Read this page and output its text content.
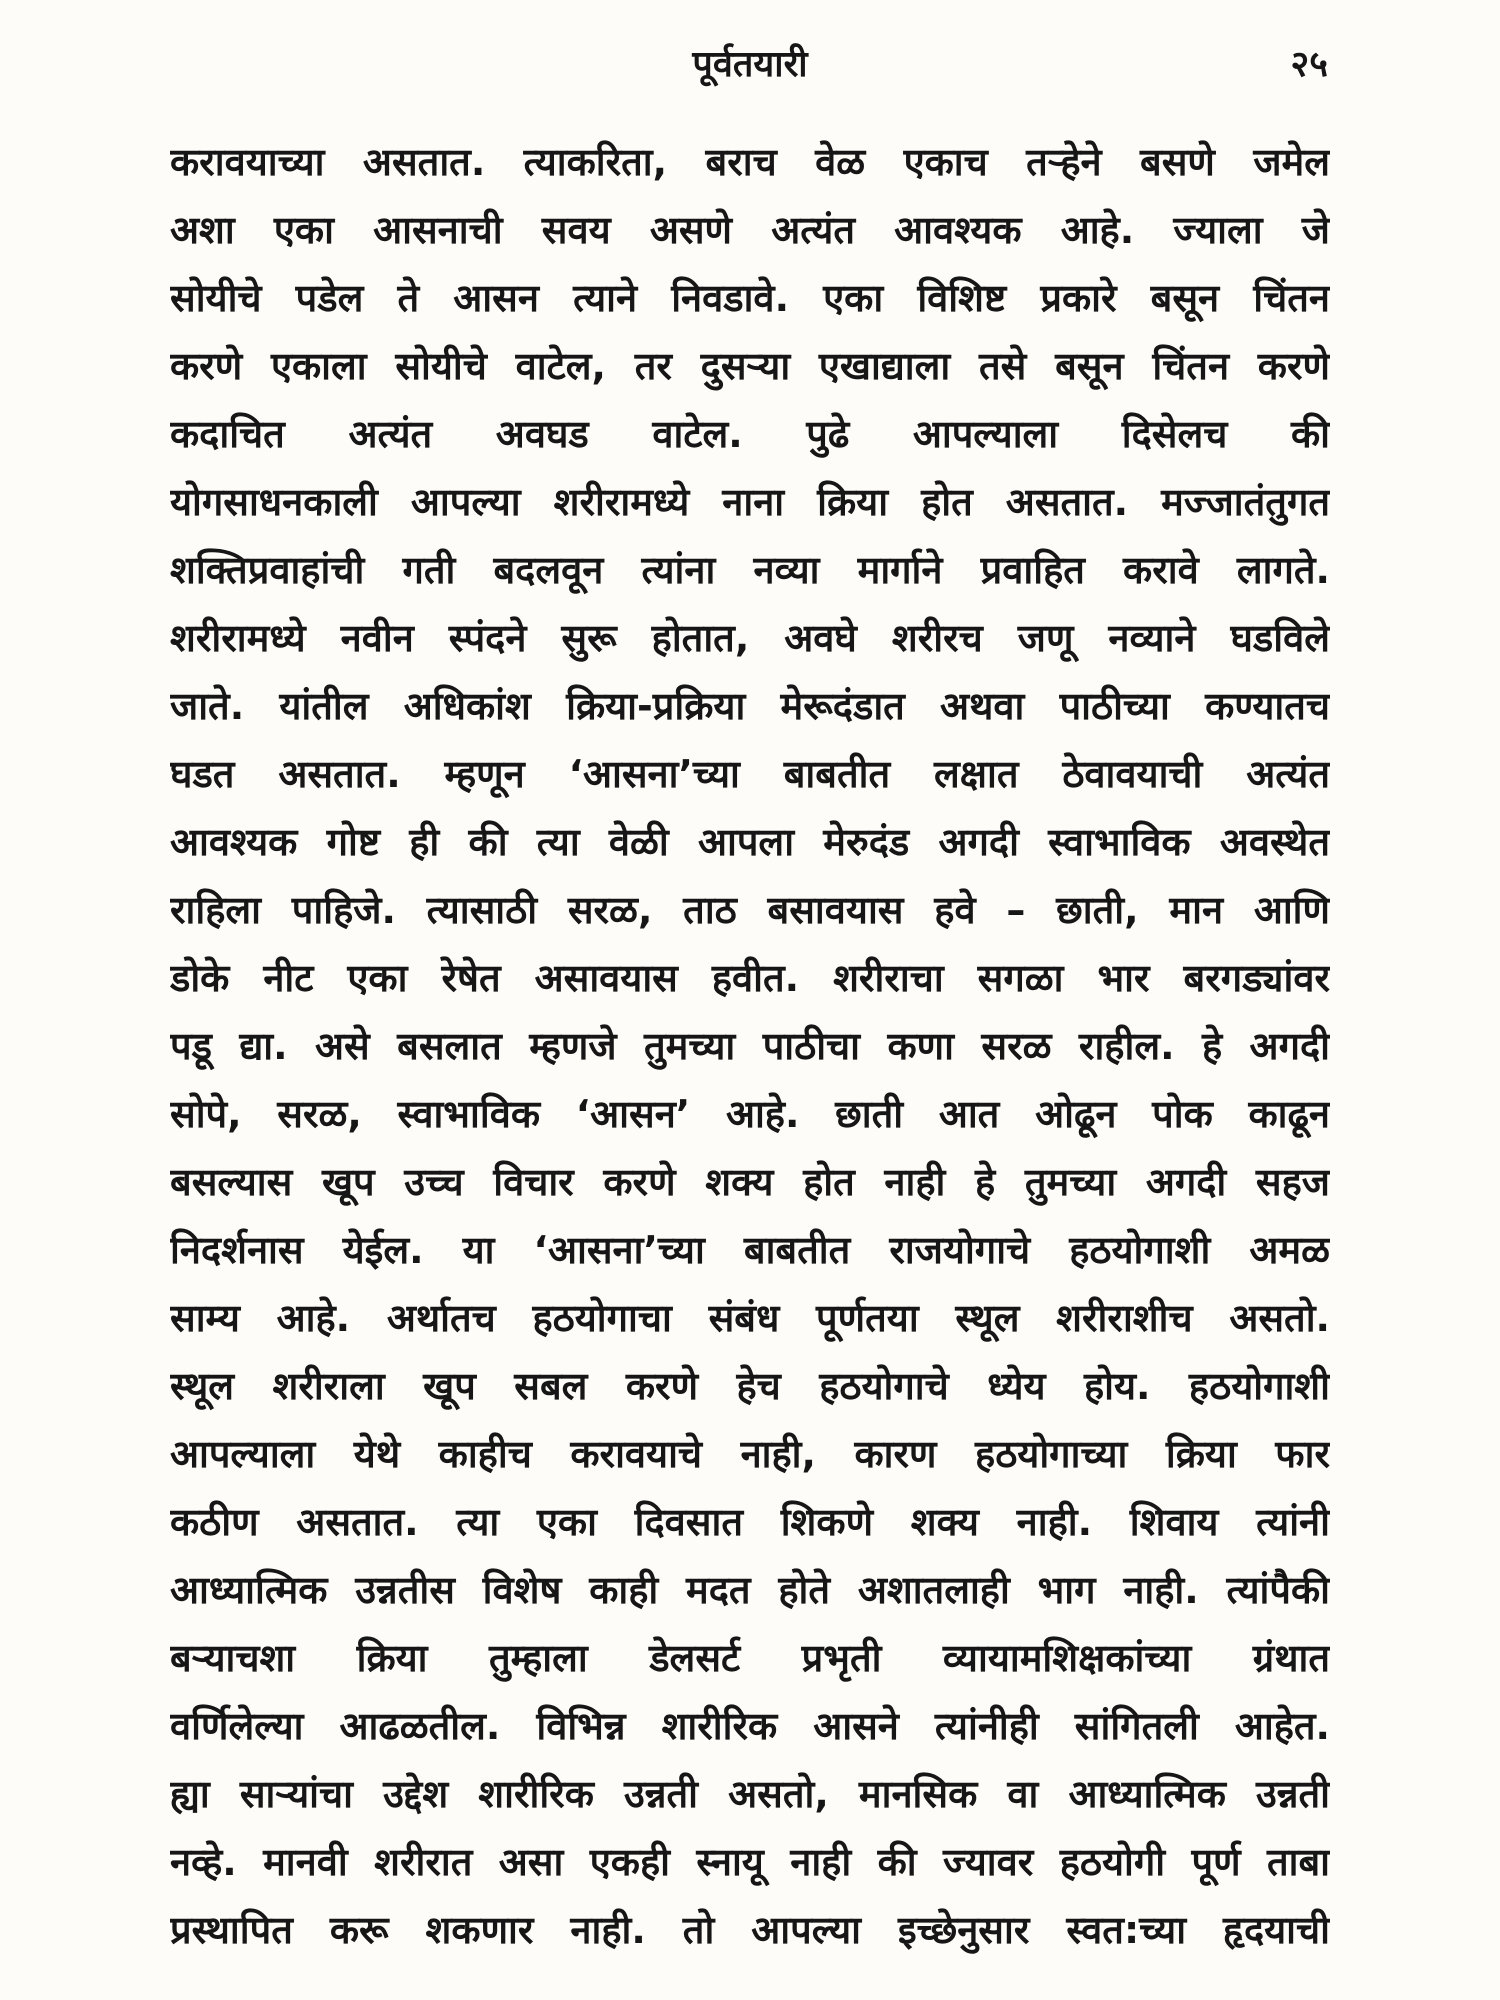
पूर्वतयारी	२५
करावयाच्या असतात. त्याकरिता, बराच वेळ एकाच तऱ्हेने बसणे जमेल
अशा एका आसनाची सवय असणे अत्यंत आवश्यक आहे. ज्याला जे
सोयीचे पडेल ते आसन त्याने निवडावे. एका विशिष्ट प्रकारे बसून चिंतन
करणे एकाला सोयीचे वाटेल, तर दुसऱ्या एखाद्याला तसे बसून चिंतन करणे
कदाचित अत्यंत अवघड वाटेल. पुढे आपल्याला दिसेलच की
योगसाधनकाली आपल्या शरीरामध्ये नाना क्रिया होत असतात. मज्जातंतुगत
शक्तिप्रवाहांची गती बदलवून त्यांना नव्या मार्गाने प्रवाहित करावे लागते.
शरीरामध्ये नवीन स्पंदने सुरू होतात, अवघे शरीरच जणू नव्याने घडविले
जाते. यांतील अधिकांश क्रिया-प्रक्रिया मेरूदंडात अथवा पाठीच्या कण्यातच
घडत असतात. म्हणून ‘आसना’च्या बाबतीत लक्षात ठेवावयाची अत्यंत
आवश्यक गोष्ट ही की त्या वेळी आपला मेरुदंड अगदी स्वाभाविक अवस्थेत
राहिला पाहिजे. त्यासाठी सरळ, ताठ बसावयास हवे – छाती, मान आणि
डोके नीट एका रेषेत असावयास हवीत. शरीराचा सगळा भार बरगड्यांवर
पडू द्या. असे बसलात म्हणजे तुमच्या पाठीचा कणा सरळ राहील. हे अगदी
सोपे, सरळ, स्वाभाविक ‘आसन’ आहे. छाती आत ओढून पोक काढून
बसल्यास खूप उच्च विचार करणे शक्य होत नाही हे तुमच्या अगदी सहज
निदर्शनास येईल. या ‘आसना’च्या बाबतीत राजयोगाचे हठयोगाशी अमळ
साम्य आहे. अर्थातच हठयोगाचा संबंध पूर्णतया स्थूल शरीराशीच असतो.
स्थूल शरीराला खूप सबल करणे हेच हठयोगाचे ध्येय होय. हठयोगाशी
आपल्याला येथे काहीच करावयाचे नाही, कारण हठयोगाच्या क्रिया फार
कठीण असतात. त्या एका दिवसात शिकणे शक्य नाही. शिवाय त्यांनी
आध्यात्मिक उन्नतीस विशेष काही मदत होते अशातलाही भाग नाही. त्यांपैकी
बऱ्याचशा क्रिया तुम्हाला डेलसर्ट प्रभृती व्यायामशिक्षकांच्या ग्रंथात
वर्णिलेल्या आढळतील. विभिन्न शारीरिक आसने त्यांनीही सांगितली आहेत.
ह्या साऱ्यांचा उद्देश शारीरिक उन्नती असतो, मानसिक वा आध्यात्मिक उन्नती
नव्हे. मानवी शरीरात असा एकही स्नायू नाही की ज्यावर हठयोगी पूर्ण ताबा
प्रस्थापित करू शकणार नाही. तो आपल्या इच्छेनुसार स्वत:च्या हृदयाची
